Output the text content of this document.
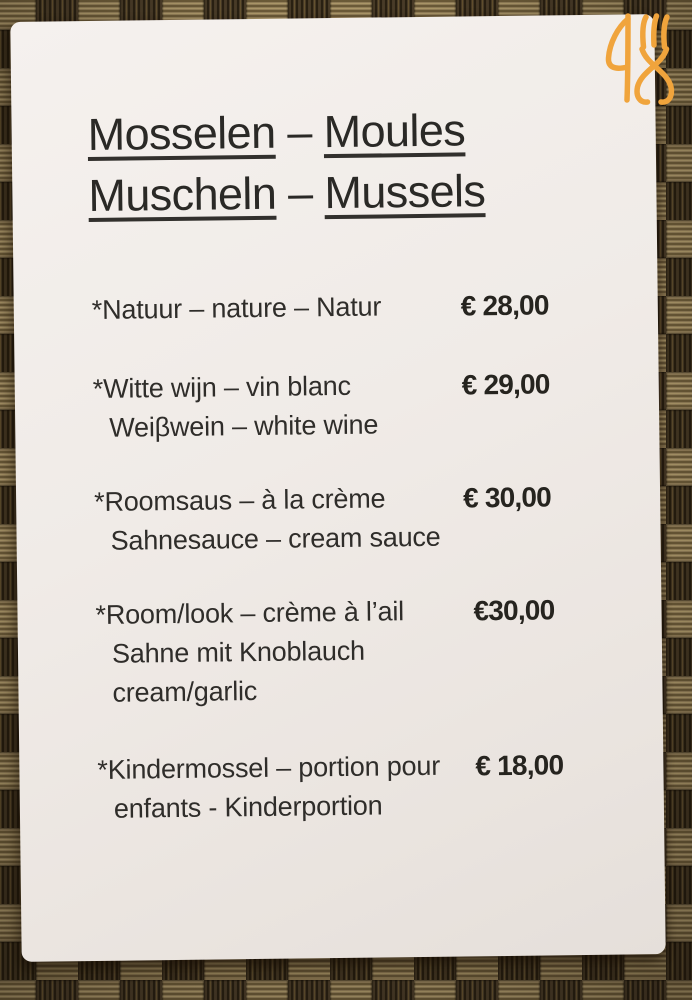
Mosselen – Moules
Muscheln – Mussels
*Natuur – nature – Natur	€ 28,00
*Witte wijn – vin blanc
Weiβwein – white wine
€ 29,00
*Roomsaus – à la crème
Sahnesauce – cream sauce
€ 30,00
*Room/look – crème à l’ail
Sahne mit Knoblauch
cream/garlic
€30,00
*Kindermossel – portion pour
enfants - Kinderportion
€ 18,00
